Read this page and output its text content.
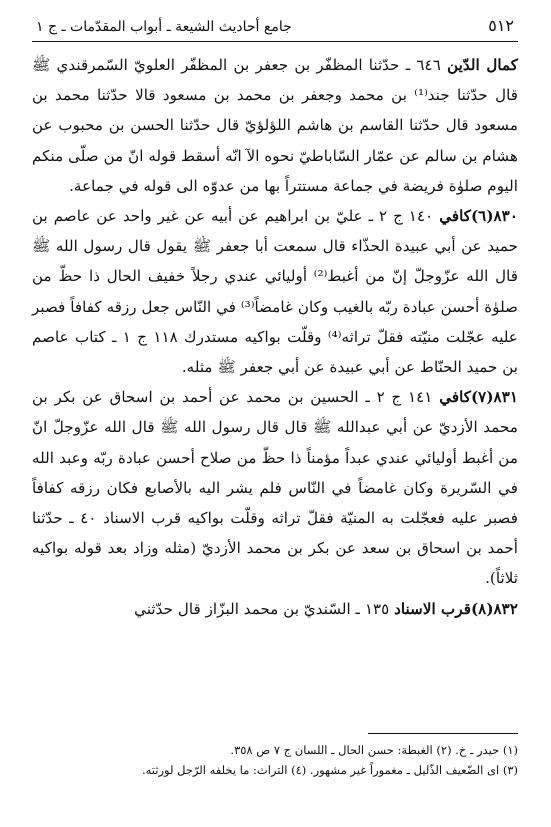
٥١٢
جامع أحاديث الشيعة ـ أبواب المقدّمات ـ ج ١

كمال الدّين ٦٤٦ ـ حدّثنا المظفّر بن جعفر بن المظفّر العلويّ السّمرقندي ﷺ قال حدّثنا جند⁽¹⁾ بن محمد وجعفر بن محمد بن مسعود قالا حدّثنا محمد بن مسعود قال حدّثنا القاسم بن هاشم اللؤلؤيّ قال حدّثنا الحسن بن محبوب عن هشام بن سالم عن عمّار السّاباطيّ نحوه الآ انّه أسقط قوله انّ من صلّى منكم اليوم صلوٰة فريضة في جماعة مستتراً بها من عدوّه الى قوله في جماعة.

٨٣٠(٦)كافي ١٤٠ ج ٢ ـ عليّ بن ابراهيم عن أبيه عن غير واحد عن عاصم بن حميد عن أبي عبيدة الحذّاء قال سمعت أبا جعفر ﷺ يقول قال رسول الله ﷺ قال الله عزّوجلّ إنّ من أغبط⁽²⁾ أوليائي عندي رجلاً خفيف الحال ذا حظّ من صلوٰة أحسن عبادة ربّه بالغيب وكان غامضاً⁽³⁾ في النّاس جعل رزقه كفافاً فصبر عليه عجّلت منيّته فقلّ تراثه⁽⁴⁾ وقلّت بواكيه مستدرك ١١٨ ج ١ ـ كتاب عاصم بن حميد الحنّاط عن أبي عبيدة عن أبي جعفر ﷺ مثله.

٨٣١(٧)كافي ١٤١ ج ٢ ـ الحسين بن محمد عن أحمد بن اسحاق عن بكر بن محمد الأزديّ عن أبي عبدالله ﷺ قال قال رسول الله ﷺ قال الله عزّوجلّ انّ من أغبط أوليائي عندي عبداً مؤمناً ذا حظّ من صلاح أحسن عبادة ربّه وعبد الله في السّريرة وكان غامضاً في النّاس فلم يشر اليه بالأصابع فكان رزقه كفافاً فصبر عليه فعجّلت به المنيّة فقلّ تراثه وقلّت بواكيه قرب الاسناد ٤٠ ـ حدّثنا أحمد بن اسحاق بن سعد عن بكر بن محمد الأزديّ (مثله وزاد بعد قوله بواكيه ثلاثاً).

٨٣٢(٨)قرب الاسناد ١٣٥ ـ السّنديّ بن محمد البزّاز قال حدّثني

(١) حيدر ـ خ. (٢) الغبطة: حسن الحال ـ اللسان ج ٧ ص ٣٥٨.

(٣) اى الضّعيف الذّليل ـ مغموراً غير مشهور. (٤) التراث: ما يخلفه الرّجل لورثته.
